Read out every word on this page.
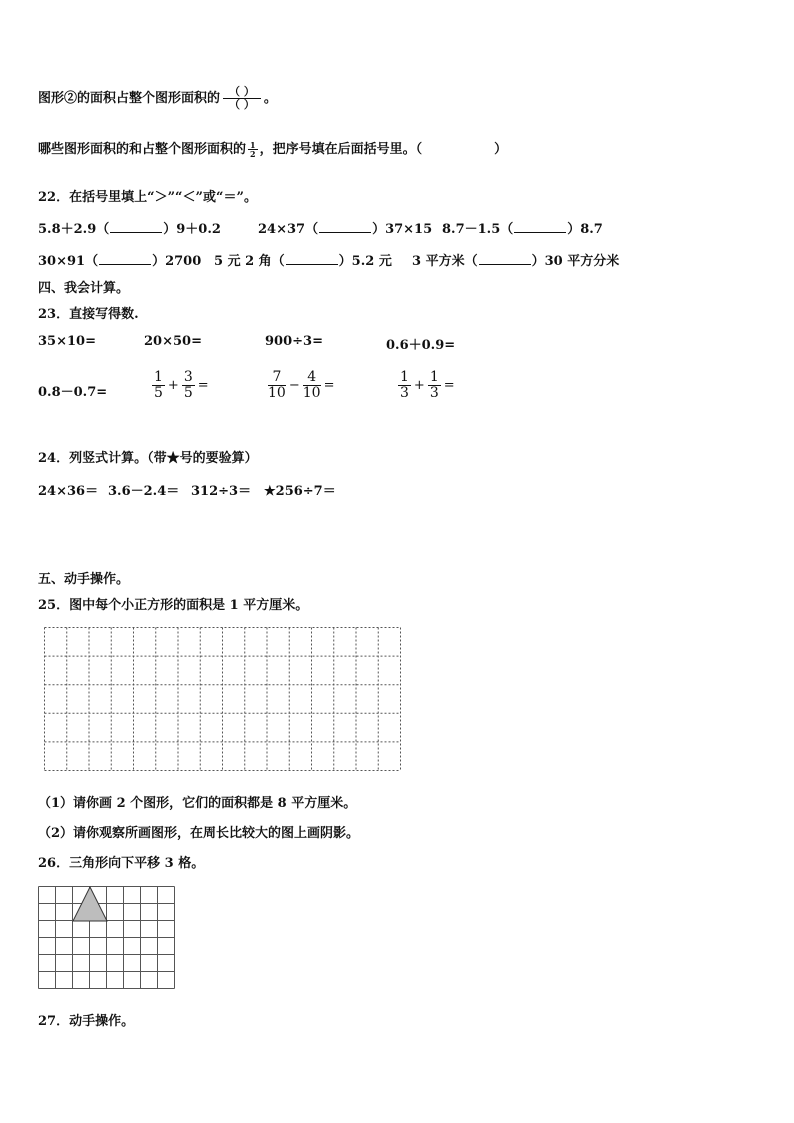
图形②的面积占整个图形面积的 $\frac{( )}{( )}$ 。
哪些图形面积的和占整个图形面积的 $\frac{1}{2}$ ，把序号填在后面括号里。（	）
22．在括号里填上“＞”“＜”或“＝”。
5.8＋2.9（	）9＋0.2	24×37（	）37×15 8.7－1.5（	）8.7
30×91（	）2700 5 元 2 角（	）5.2 元 3 平方米（	）30 平方分米
四、我会计算。
23．直接写得数.
35×10=	20×50=	900÷3=	0.6＋0.9=
0.8－0.7=	$\frac{1}{5} + \frac{3}{5}$ =	$\frac{7}{10} - \frac{4}{10}$ =	$\frac{1}{3} + \frac{1}{3}$ =
24．列竖式计算。（带★号的要验算）
24×36＝ 3.6－2.4＝ 312÷3＝ ★256÷7＝
五、动手操作。
25．图中每个小正方形的面积是 1 平方厘米。
（1）请你画 2 个图形，它们的面积都是 8 平方厘米。
（2）请你观察所画图形，在周长比较大的图上画阴影。
26．三角形向下平移 3 格。
27．动手操作。
